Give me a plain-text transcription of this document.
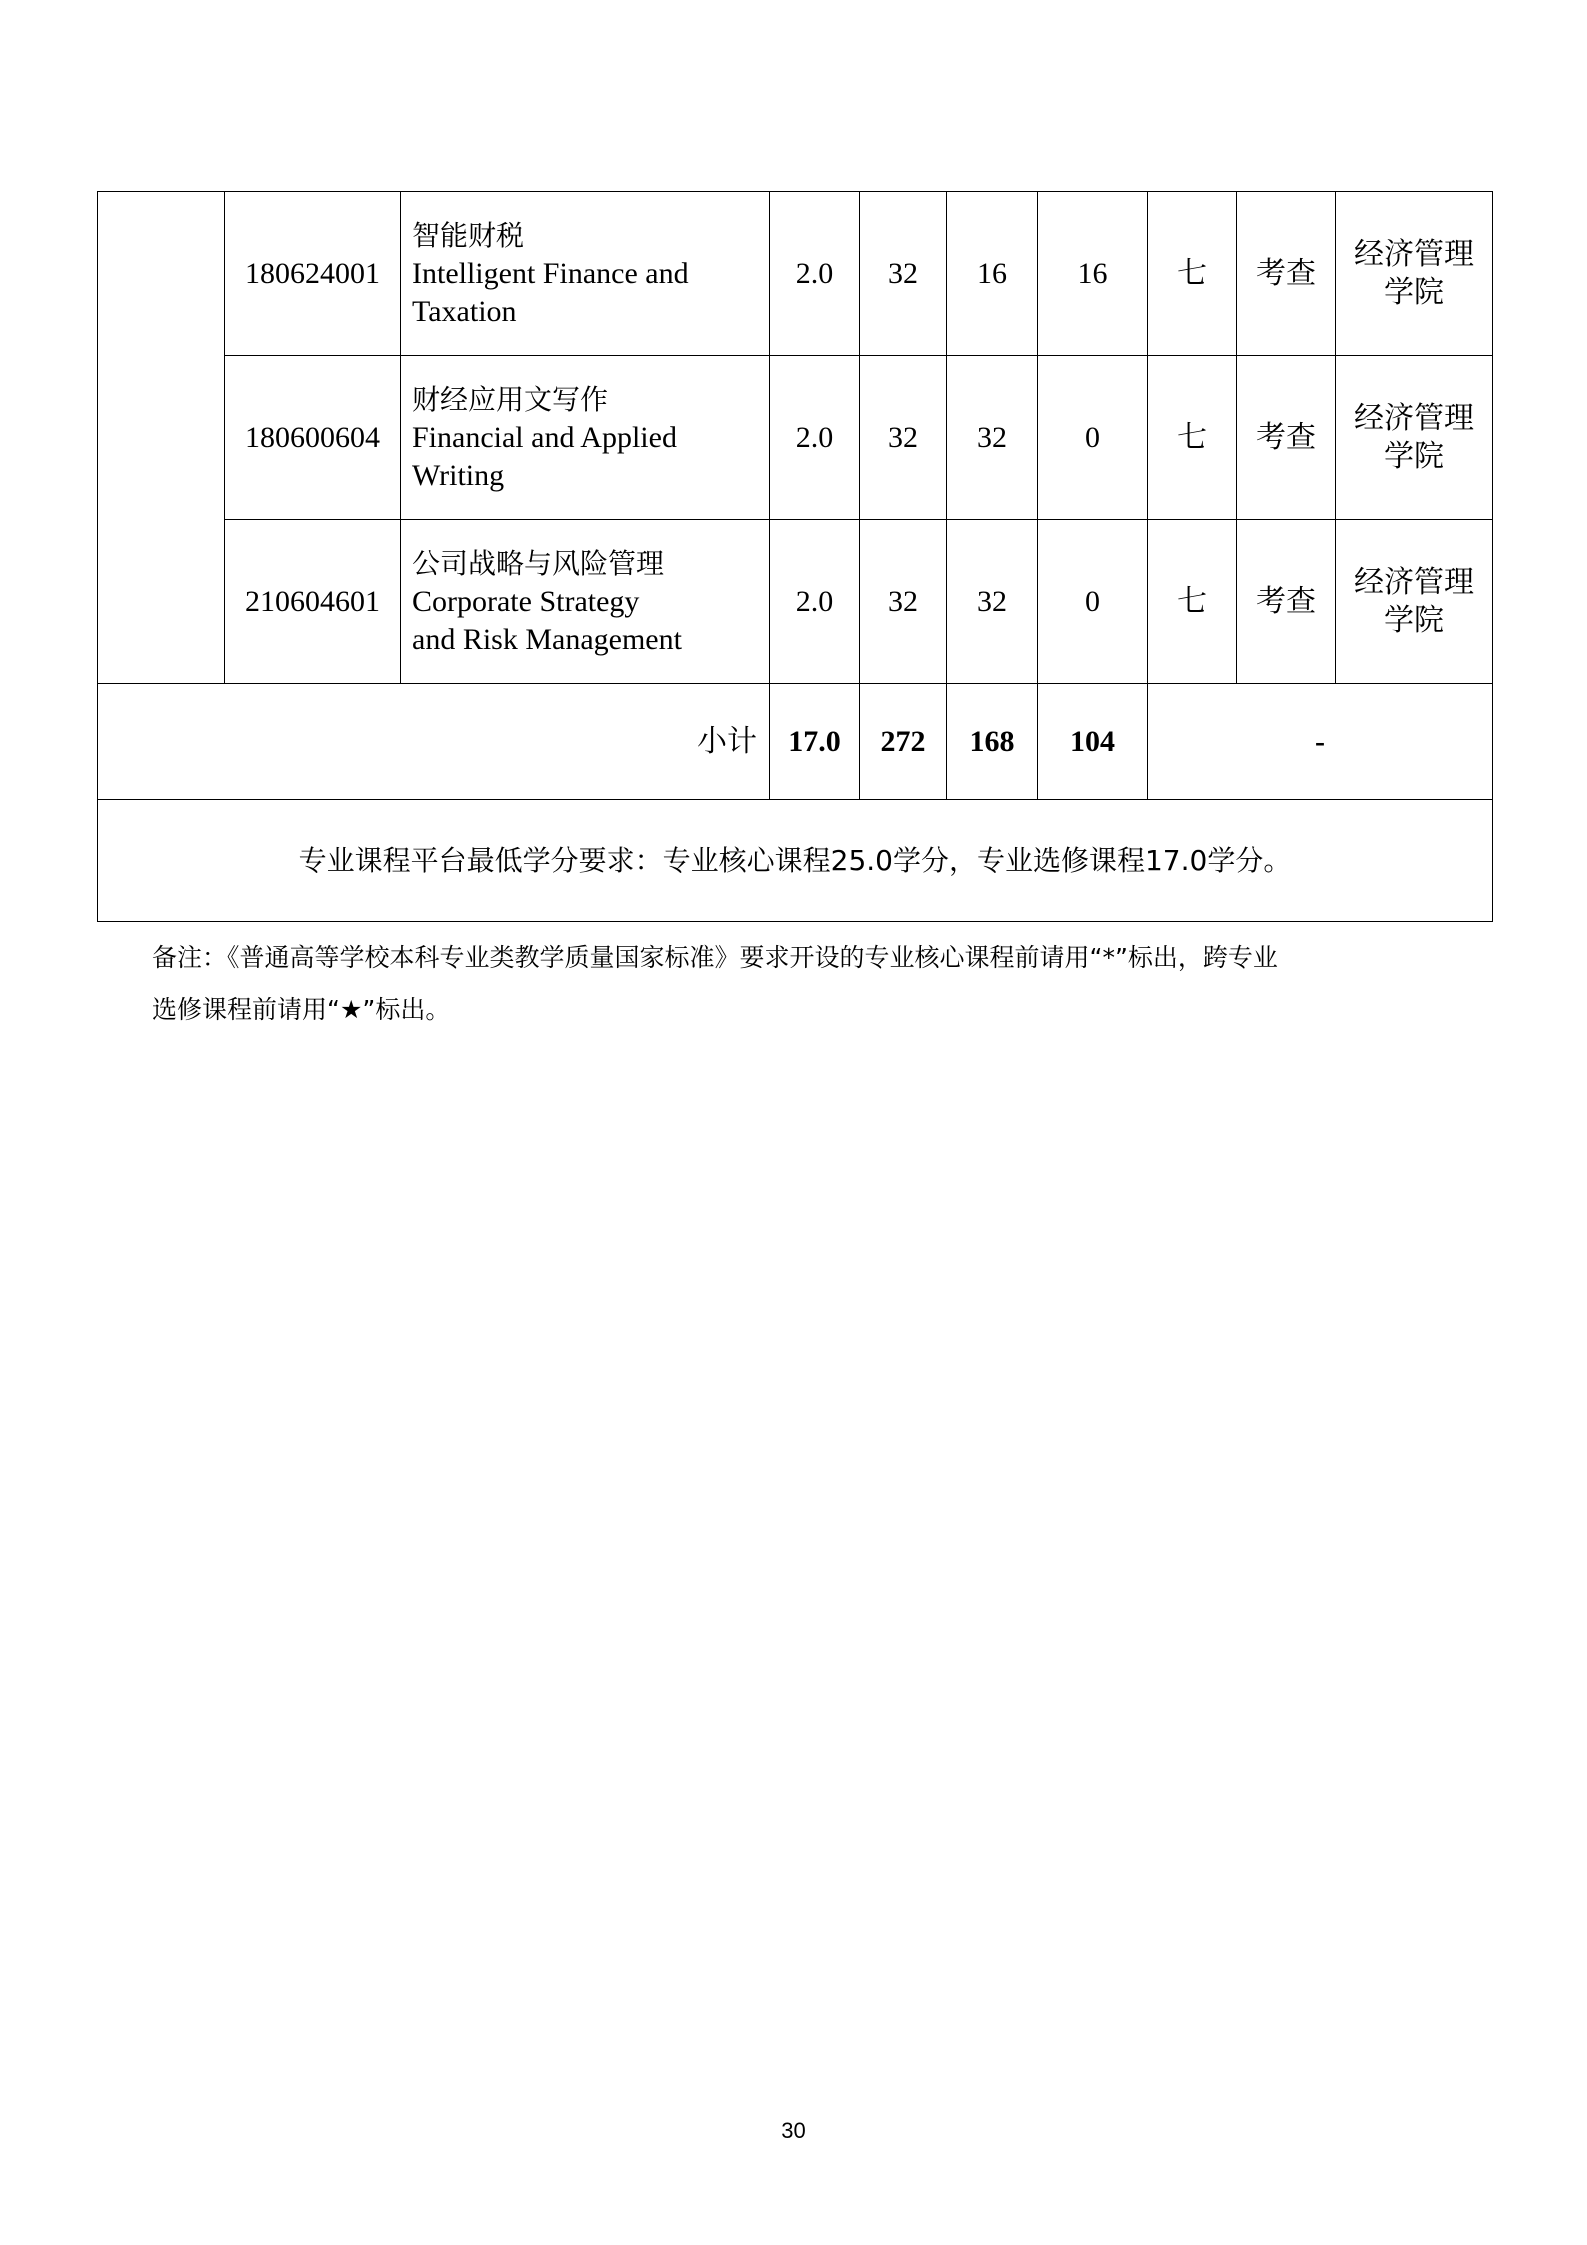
	180624001	智能财税
Intelligent Finance and
Taxation	2.0	32	16	16	七	考查	经济管理
学院

	180600604	财经应用文写作
Financial and Applied
Writing	2.0	32	32	0	七	考查	经济管理
学院

	210604601	公司战略与风险管理
Corporate Strategy
and Risk Management	2.0	32	32	0	七	考查	经济管理
学院

小计			17.0	272	168	104	-		
专业课程平台最低学分要求：专业核心课程25.0学分，专业选修课程17.0学分。									
备注：《普通高等学校本科专业类教学质量国家标准》要求开设的专业核心课程前请用“*”标出，跨专业
选修课程前请用“★”标出。
30
